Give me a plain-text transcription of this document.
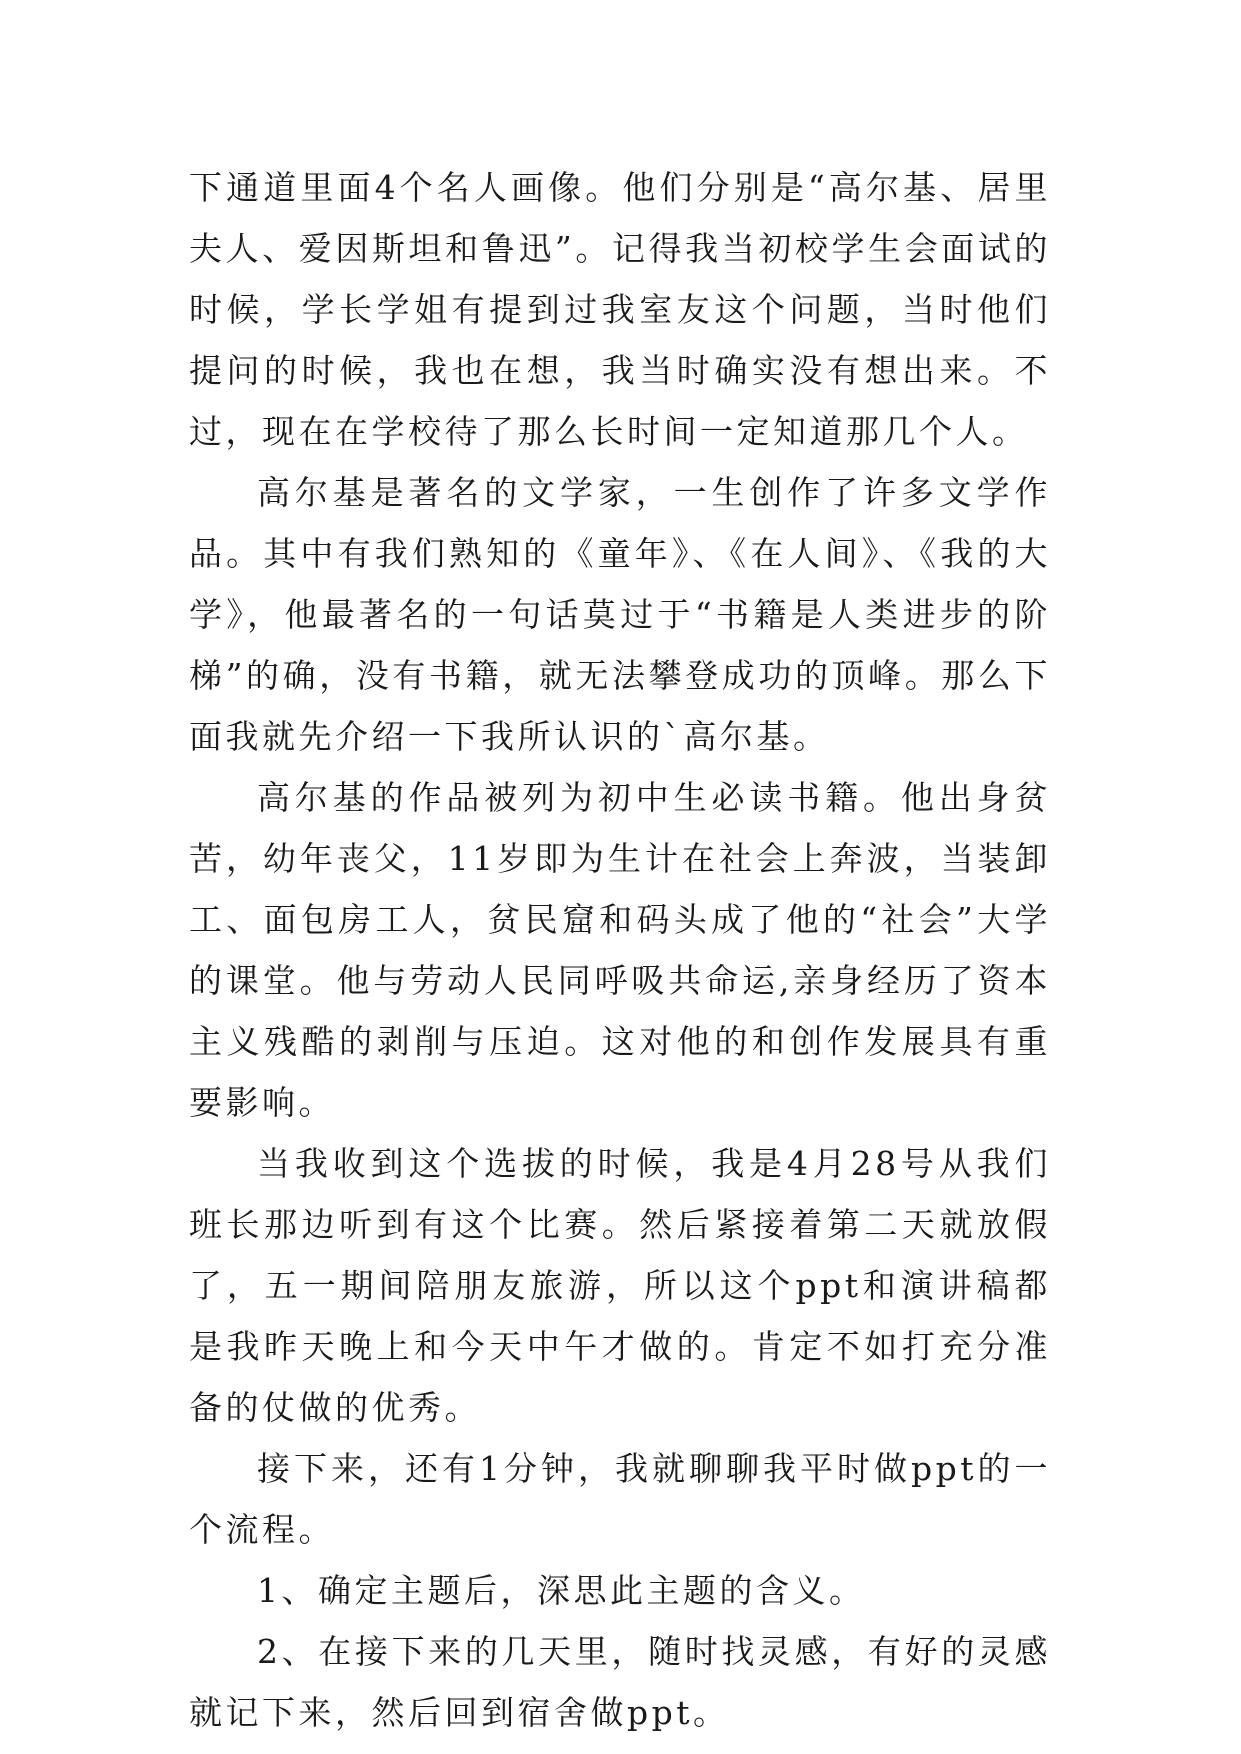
下通道里面4个名人画像。他们分别是“高尔基、居里夫人、爱因斯坦和鲁迅”。记得我当初校学生会面试的时候，学长学姐有提到过我室友这个问题，当时他们提问的时候，我也在想，我当时确实没有想出来。不过，现在在学校待了那么长时间一定知道那几个人。

高尔基是著名的文学家，一生创作了许多文学作品。其中有我们熟知的《童年》、《在人间》、《我的大学》，他最著名的一句话莫过于“书籍是人类进步的阶梯”的确，没有书籍，就无法攀登成功的顶峰。那么下面我就先介绍一下我所认识的`高尔基。

高尔基的作品被列为初中生必读书籍。他出身贫苦，幼年丧父，11岁即为生计在社会上奔波，当装卸工、面包房工人，贫民窟和码头成了他的“社会”大学的课堂。他与劳动人民同呼吸共命运,亲身经历了资本主义残酷的剥削与压迫。这对他的和创作发展具有重要影响。

当我收到这个选拔的时候，我是4月28号从我们班长那边听到有这个比赛。然后紧接着第二天就放假了，五一期间陪朋友旅游，所以这个ppt和演讲稿都是我昨天晚上和今天中午才做的。肯定不如打充分准备的仗做的优秀。

接下来，还有1分钟，我就聊聊我平时做ppt的一个流程。

1、确定主题后，深思此主题的含义。

2、在接下来的几天里，随时找灵感，有好的灵感就记下来，然后回到宿舍做ppt。
